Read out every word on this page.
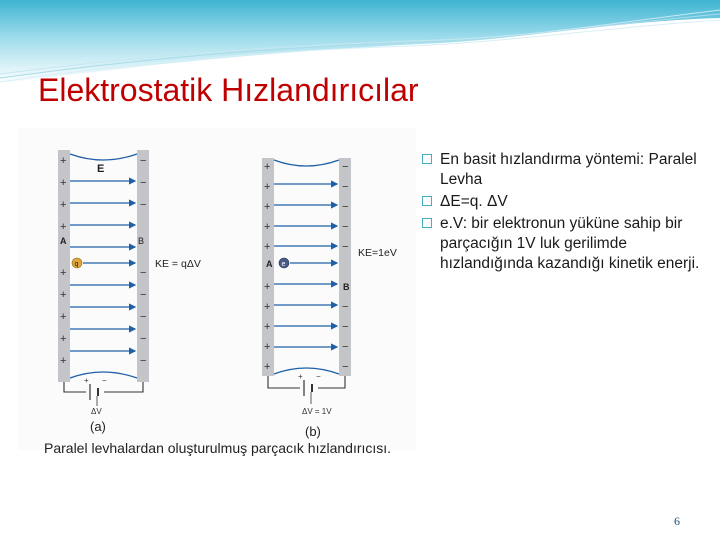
Elektrostatik Hızlandırıcılar
+
+
+
+
+
+
+
+
+
−
−
−
−
−
−
−
−
E
A	B
q	KE = qΔV
+ −
ΔV
(a)
+
+
+
+
+
+
+
+
+
+
−
−
−
−
−
−
−
−
−
A
B
e
KE=1eV
+ −
ΔV = 1V
(b)
Paralel levhalardan oluşturulmuş parçacık hızlandırıcısı.
En basit hızlandırma yöntemi: Paralel Levha
ΔE=q. ΔV
e.V: bir elektronun yüküne sahip bir parçacığın 1V luk gerilimde hızlandığında kazandığı kinetik enerji.
6
